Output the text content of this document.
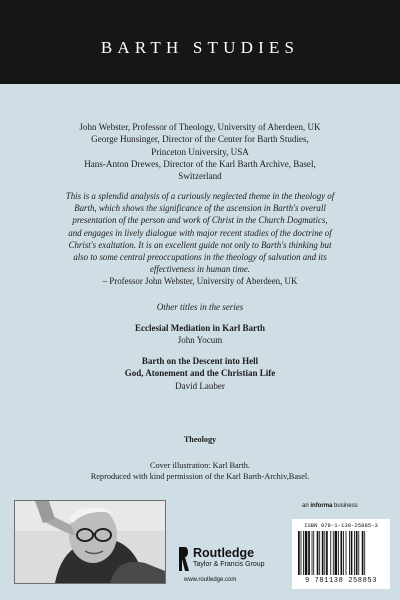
BARTH STUDIES
John Webster, Professor of Theology, University of Aberdeen, UK
George Hunsinger, Director of the Center for Barth Studies,
Princeton University, USA
Hans-Anton Drewes, Director of the Karl Barth Archive, Basel,
Switzerland
This is a splendid analysis of a curiously neglected theme in the theology of
Barth, which shows the significance of the ascension in Barth's overall
presentation of the person and work of Christ in the Church Dogmatics,
and engages in lively dialogue with major recent studies of the doctrine of
Christ's exaltation. It is an excellent guide not only to Barth's thinking but
also to some central preoccupations in the theology of salvation and its
effectiveness in human time.
– Professor John Webster, University of Aberdeen, UK
Other titles in the series
Ecclesial Mediation in Karl Barth
John Yocum
Barth on the Descent into Hell
God, Atonement and the Christian Life
David Lauber
Theology
Cover illustration: Karl Barth.
Reproduced with kind permission of the Karl Barth-Archiv,Basel.
Routledge
Taylor & Francis Group
www.routledge.com
an informa business
ISBN 978-1-138-25885-3
9 781138 258853
